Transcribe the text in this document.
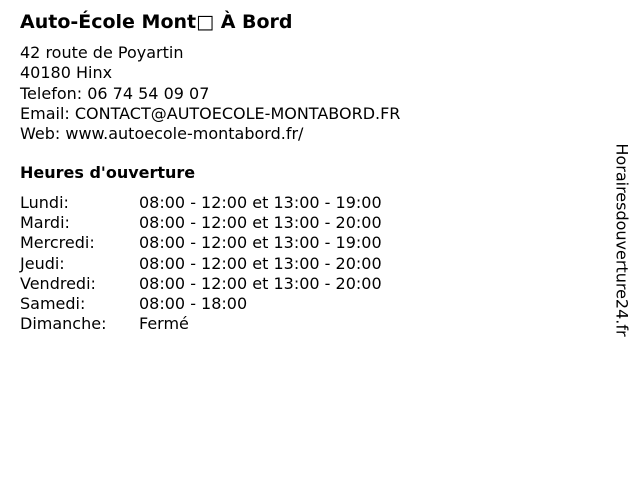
Auto-École Mont□ À Bord
42 route de Poyartin
40180 Hinx
Telefon: 06 74 54 09 07
Email: CONTACT@AUTOECOLE-MONTABORD.FR
Web: www.autoecole-montabord.fr/
Heures d'ouverture
Lundi:	08:00 - 12:00 et 13:00 - 19:00
Mardi:	08:00 - 12:00 et 13:00 - 20:00
Mercredi:	08:00 - 12:00 et 13:00 - 19:00
Jeudi:	08:00 - 12:00 et 13:00 - 20:00
Vendredi:	08:00 - 12:00 et 13:00 - 20:00
Samedi:	08:00 - 18:00
Dimanche:	Fermé	Horairesdouverture24.fr
